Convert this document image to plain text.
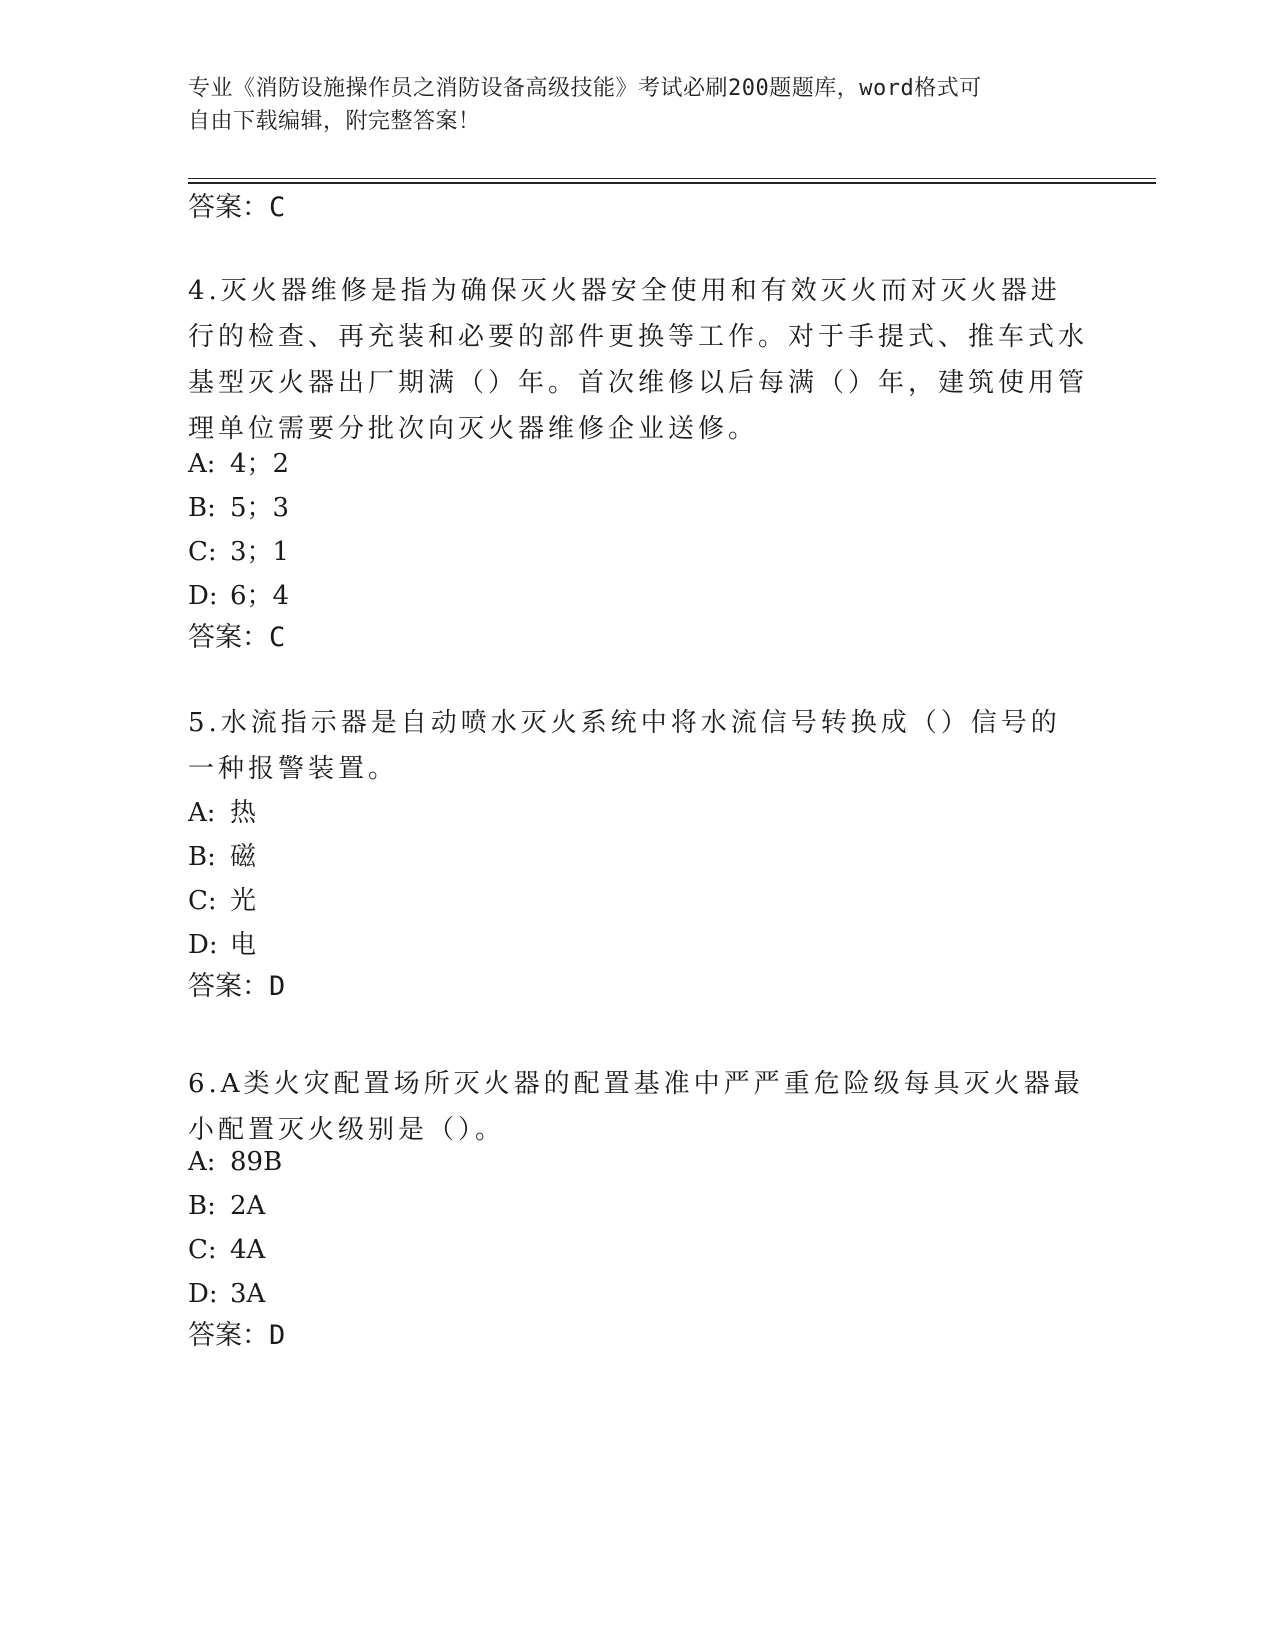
专业《消防设施操作员之消防设备高级技能》考试必刷200题题库，word格式可
自由下载编辑，附完整答案！
答案：C
4.灭火器维修是指为确保灭火器安全使用和有效灭火而对灭火器进行的检查、再充装和必要的部件更换等工作。对于手提式、推车式水基型灭火器出厂期满（）年。首次维修以后每满（）年，建筑使用管理单位需要分批次向灭火器维修企业送修。
A: 4；2
B: 5；3
C: 3；1
D: 6；4
答案：C
5.水流指示器是自动喷水灭火系统中将水流信号转换成（）信号的一种报警装置。
A: 热
B: 磁
C: 光
D: 电
答案：D
6.A类火灾配置场所灭火器的配置基准中严严重危险级每具灭火器最小配置灭火级别是（）。
A: 89B
B: 2A
C: 4A
D: 3A
答案：D
